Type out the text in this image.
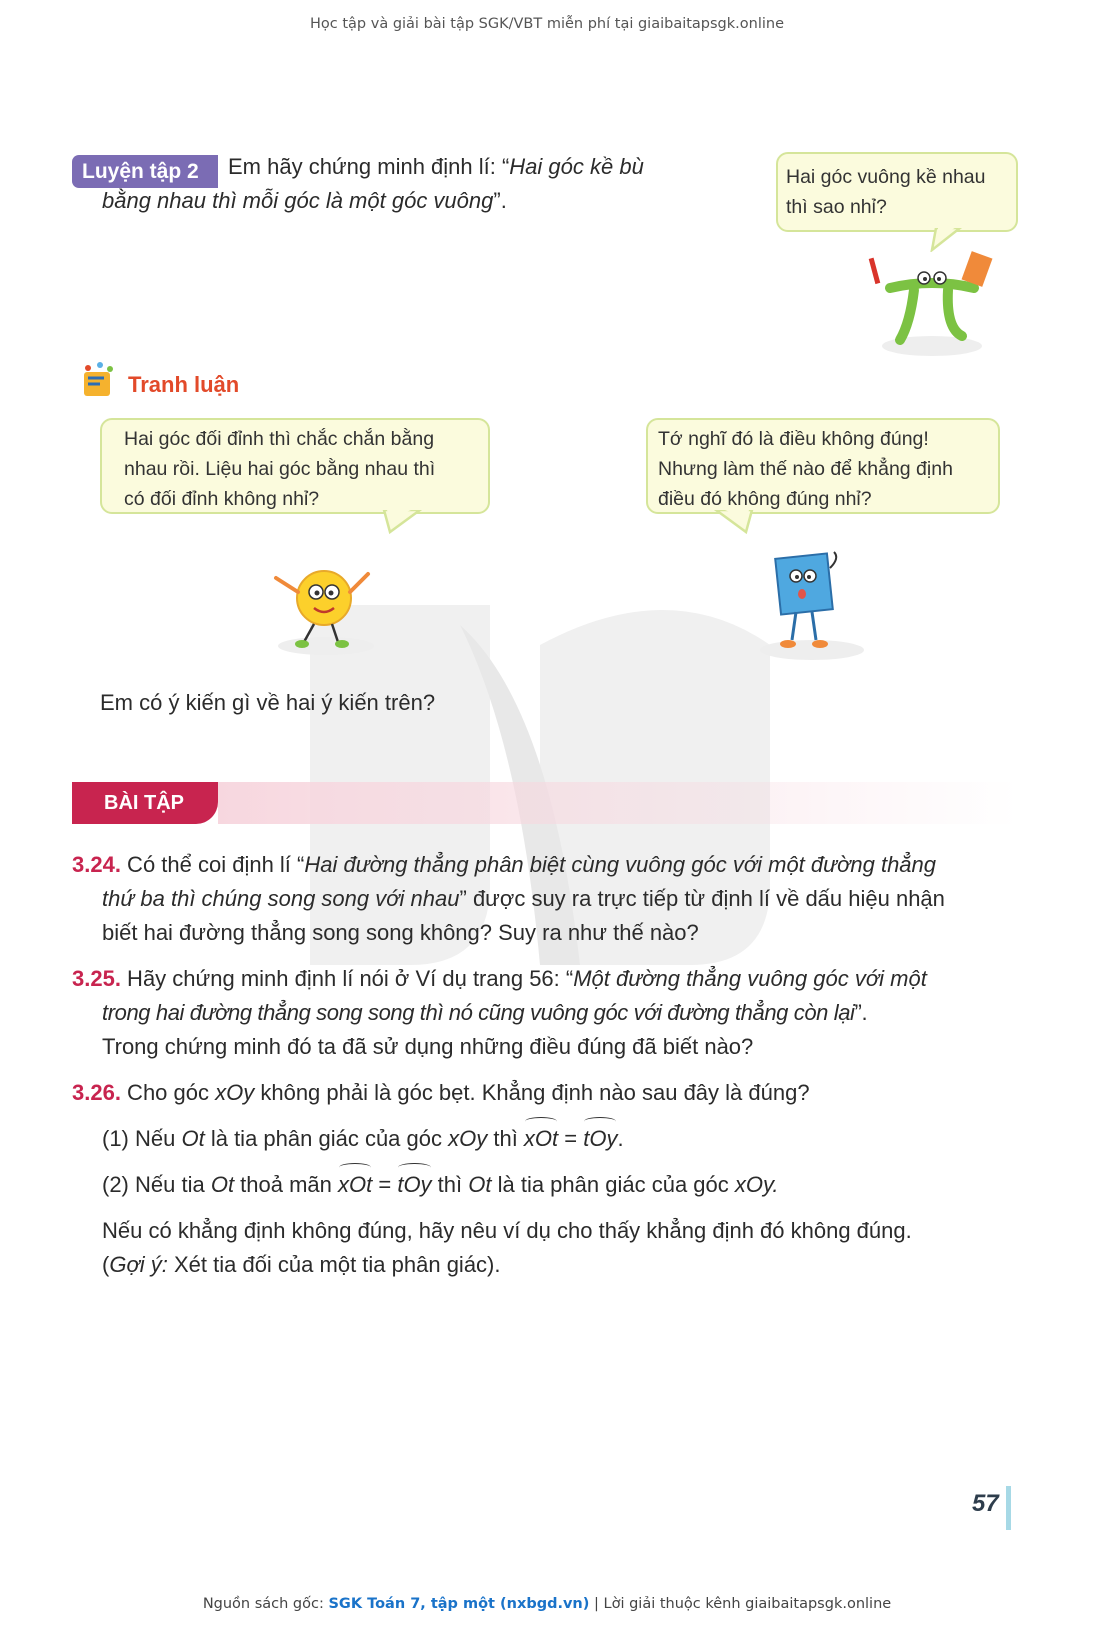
Học tập và giải bài tập SGK/VBT miễn phí tại giaibaitapsgk.online
Luyện tập 2	Em hãy chứng minh định lí: “Hai góc kề bù
bằng nhau thì mỗi góc là một góc vuông”.
Hai góc vuông kề nhau
thì sao nhỉ?
Tranh luận
Hai góc đối đỉnh thì chắc chắn bằng
nhau rồi. Liệu hai góc bằng nhau thì
có đối đỉnh không nhỉ?
Tớ nghĩ đó là điều không đúng!
Nhưng làm thế nào để khẳng định
điều đó không đúng nhỉ?
Em có ý kiến gì về hai ý kiến trên?
BÀI TẬP
3.24. Có thể coi định lí “Hai đường thẳng phân biệt cùng vuông góc với một đường thẳng
thứ ba thì chúng song song với nhau” được suy ra trực tiếp từ định lí về dấu hiệu nhận
biết hai đường thẳng song song không? Suy ra như thế nào?
3.25. Hãy chứng minh định lí nói ở Ví dụ trang 56: “Một đường thẳng vuông góc với một
trong hai đường thẳng song song thì nó cũng vuông góc với đường thẳng còn lại”.
Trong chứng minh đó ta đã sử dụng những điều đúng đã biết nào?
3.26. Cho góc xOy không phải là góc bẹt. Khẳng định nào sau đây là đúng?
(1) Nếu Ot là tia phân giác của góc xOy thì xOt = tOy.
(2) Nếu tia Ot thoả mãn xOt = tOy thì Ot là tia phân giác của góc xOy.
Nếu có khẳng định không đúng, hãy nêu ví dụ cho thấy khẳng định đó không đúng.
(Gợi ý: Xét tia đối của một tia phân giác).
57
Nguồn sách gốc: SGK Toán 7, tập một (nxbgd.vn) | Lời giải thuộc kênh giaibaitapsgk.online
